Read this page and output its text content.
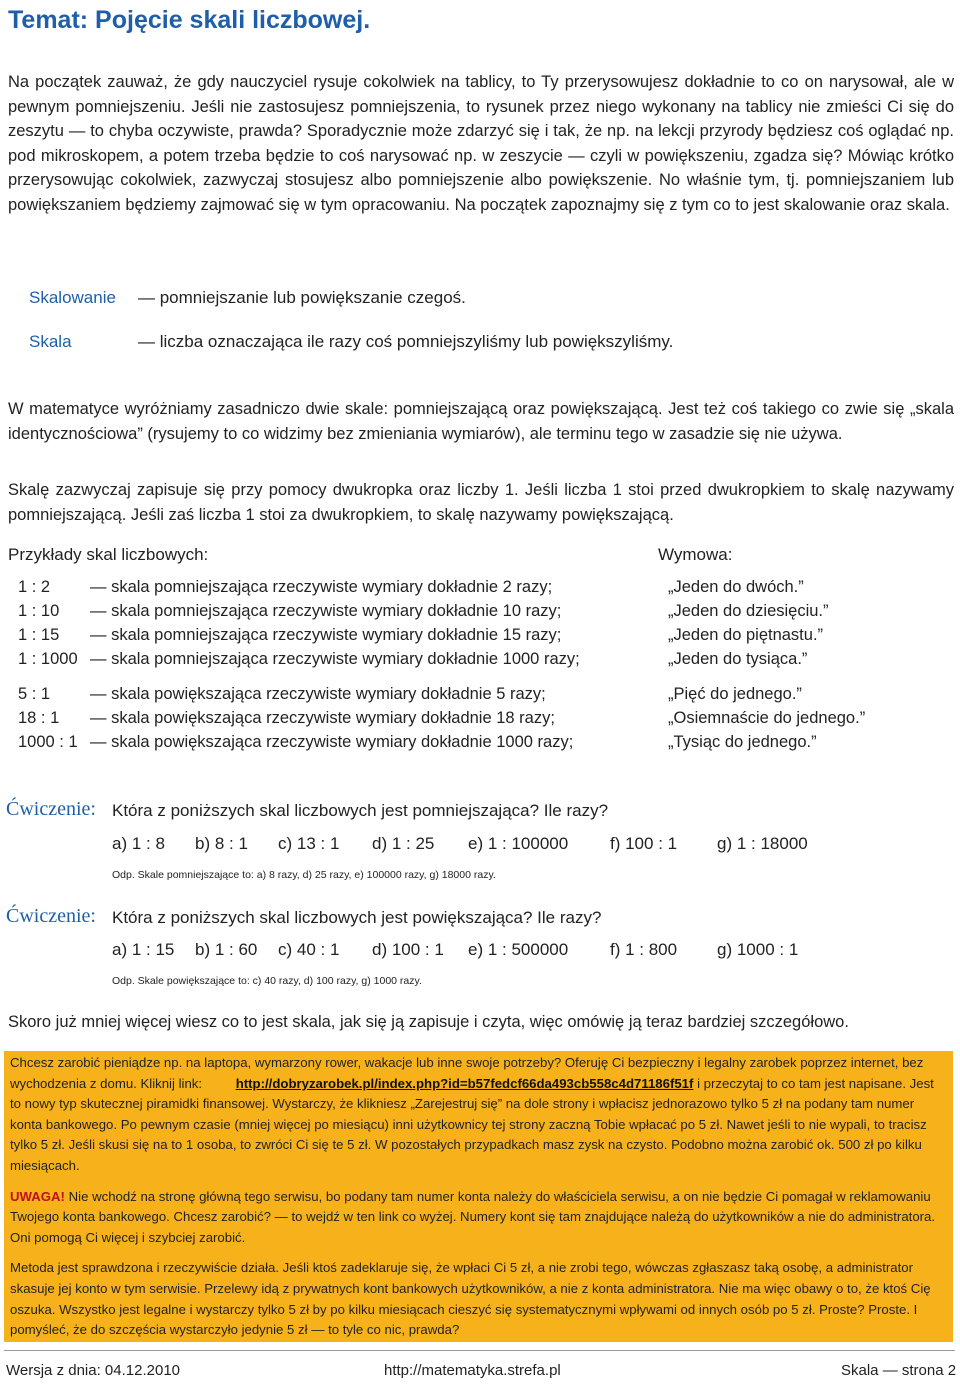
Temat: Pojęcie skali liczbowej.
Na początek zauważ, że gdy nauczyciel rysuje cokolwiek na tablicy, to Ty przerysowujesz dokładnie to co on narysował, ale w pewnym pomniejszeniu. Jeśli nie zastosujesz pomniejszenia, to rysunek przez niego wykonany na tablicy nie zmieści Ci się do zeszytu — to chyba oczywiste, prawda? Sporadycznie może zdarzyć się i tak, że np. na lekcji przyrody będziesz coś oglądać np. pod mikroskopem, a potem trzeba będzie to coś narysować np. w zeszycie — czyli w powiększeniu, zgadza się? Mówiąc krótko przerysowując cokolwiek, zazwyczaj stosujesz albo pomniejszenie albo powiększenie. No właśnie tym, tj. pomniejszaniem lub powiększaniem będziemy zajmować się w tym opracowaniu. Na początek zapoznajmy się z tym co to jest skalowanie oraz skala.
Skalowanie — pomniejszanie lub powiększanie czegoś.
Skala	— liczba oznaczająca ile razy coś pomniejszyliśmy lub powiększyliśmy.
W matematyce wyróżniamy zasadniczo dwie skale: pomniejszającą oraz powiększającą. Jest też coś takiego co zwie się „skala identycznościowa” (rysujemy to co widzimy bez zmieniania wymiarów), ale terminu tego w zasadzie się nie używa.
Skalę zazwyczaj zapisuje się przy pomocy dwukropka oraz liczby 1. Jeśli liczba 1 stoi przed dwukropkiem to skalę nazywamy pomniejszającą. Jeśli zaś liczba 1 stoi za dwukropkiem, to skalę nazywamy powiększającą.
Przykłady skal liczbowych:	Wymowa:
1 : 2 — skala pomniejszająca rzeczywiste wymiary dokładnie 2 razy;	„Jeden do dwóch.”
1 : 10 — skala pomniejszająca rzeczywiste wymiary dokładnie 10 razy;	„Jeden do dziesięciu.”
1 : 15 — skala pomniejszająca rzeczywiste wymiary dokładnie 15 razy;	„Jeden do piętnastu.”
1 : 1000 — skala pomniejszająca rzeczywiste wymiary dokładnie 1000 razy;	„Jeden do tysiąca.”
5 : 1 — skala powiększająca rzeczywiste wymiary dokładnie 5 razy;	„Pięć do jednego.”
18 : 1 — skala powiększająca rzeczywiste wymiary dokładnie 18 razy;	„Osiemnaście do jednego.”
1000 : 1 — skala powiększająca rzeczywiste wymiary dokładnie 1000 razy;	„Tysiąc do jednego.”
Ćwiczenie: Która z poniższych skal liczbowych jest pomniejszająca? Ile razy?
a) 1 : 8 b) 8 : 1 c) 13 : 1 d) 1 : 25 e) 1 : 100000 f) 100 : 1 g) 1 : 18000
Odp. Skale pomniejszające to: a) 8 razy, d) 25 razy, e) 100000 razy, g) 18000 razy.
Ćwiczenie: Która z poniższych skal liczbowych jest powiększająca? Ile razy?
a) 1 : 15 b) 1 : 60 c) 40 : 1 d) 100 : 1 e) 1 : 500000 f) 1 : 800 g) 1000 : 1
Odp. Skale powiększające to: c) 40 razy, d) 100 razy, g) 1000 razy.
Skoro już mniej więcej wiesz co to jest skala, jak się ją zapisuje i czyta, więc omówię ją teraz bardziej szczegółowo.

Chcesz zarobić pieniądze np. na laptopa, wymarzony rower, wakacje lub inne swoje potrzeby? Oferuję Ci bezpieczny i legalny zarobek poprzez internet, bez wychodzenia z domu. Kliknij link:	http://dobryzarobek.pl/index.php?id=b57fedcf66da493cb558c4d71186f51f i przeczytaj to co tam jest napisane. Jest to nowy typ skutecznej piramidki finansowej. Wystarczy, że klikniesz „Zarejestruj się” na dole strony i wpłacisz jednorazowo tylko 5 zł na podany tam numer konta bankowego. Po pewnym czasie (mniej więcej po miesiącu) inni użytkownicy tej strony zaczną Tobie wpłacać po 5 zł. Nawet jeśli to nie wypali, to tracisz tylko 5 zł. Jeśli skusi się na to 1 osoba, to zwróci Ci się te 5 zł. W pozostałych przypadkach masz zysk na czysto. Podobno można zarobić ok. 500 zł po kilku miesiącach.

UWAGA! Nie wchodź na stronę główną tego serwisu, bo podany tam numer konta należy do właściciela serwisu, a on nie będzie Ci pomagał w reklamowaniu Twojego konta bankowego. Chcesz zarobić? — to wejdź w ten link co wyżej. Numery kont się tam znajdujące należą do użytkowników a nie do administratora. Oni pomogą Ci więcej i szybciej zarobić.

Metoda jest sprawdzona i rzeczywiście działa. Jeśli ktoś zadeklaruje się, że wpłaci Ci 5 zł, a nie zrobi tego, wówczas zgłaszasz taką osobę, a administrator skasuje jej konto w tym serwisie. Przelewy idą z prywatnych kont bankowych użytkowników, a nie z konta administratora. Nie ma więc obawy o to, że ktoś Cię oszuka. Wszystko jest legalne i wystarczy tylko 5 zł by po kilku miesiącach cieszyć się systematycznymi wpływami od innych osób po 5 zł. Proste? Proste. I pomyśleć, że do szczęścia wystarczyło jedynie 5 zł — to tyle co nic, prawda?

Wersja z dnia: 04.12.2010	http://matematyka.strefa.pl	Skala — strona 2
